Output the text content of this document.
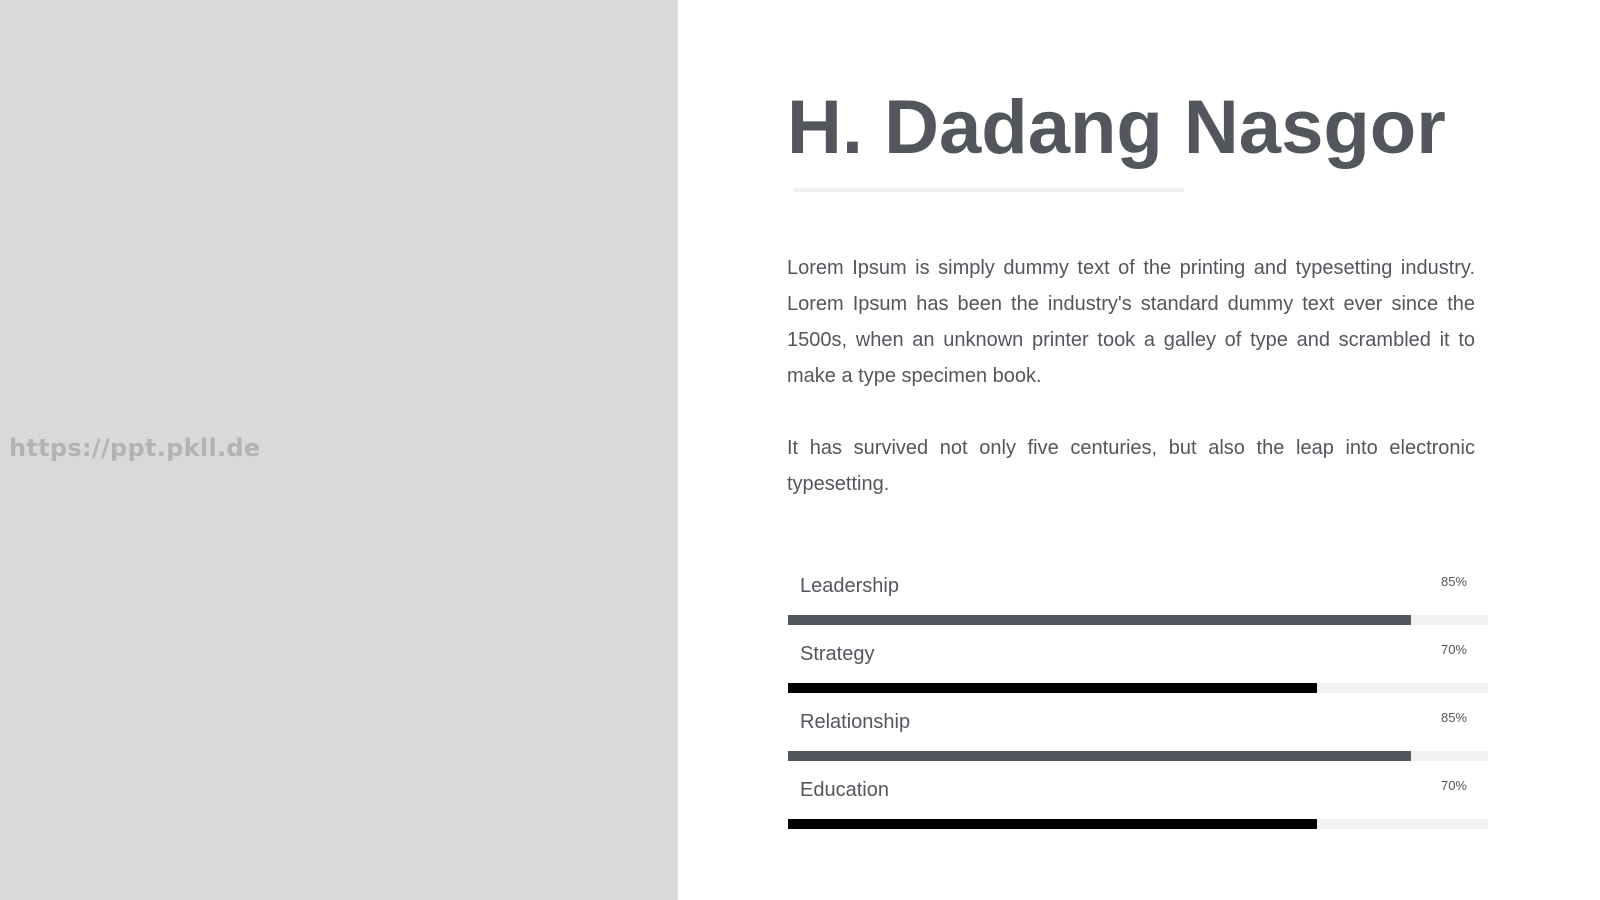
https://ppt.pkll.de
H. Dadang Nasgor

Lorem Ipsum is simply dummy text of the printing and typesetting industry. Lorem Ipsum has been the industry's standard dummy text ever since the 1500s, when an unknown printer took a galley of type and scrambled it to make a type specimen book.

It has survived not only five centuries, but also the leap into electronic typesetting.

Leadership	85%
Strategy	70%
Relationship	85%
Education	70%
